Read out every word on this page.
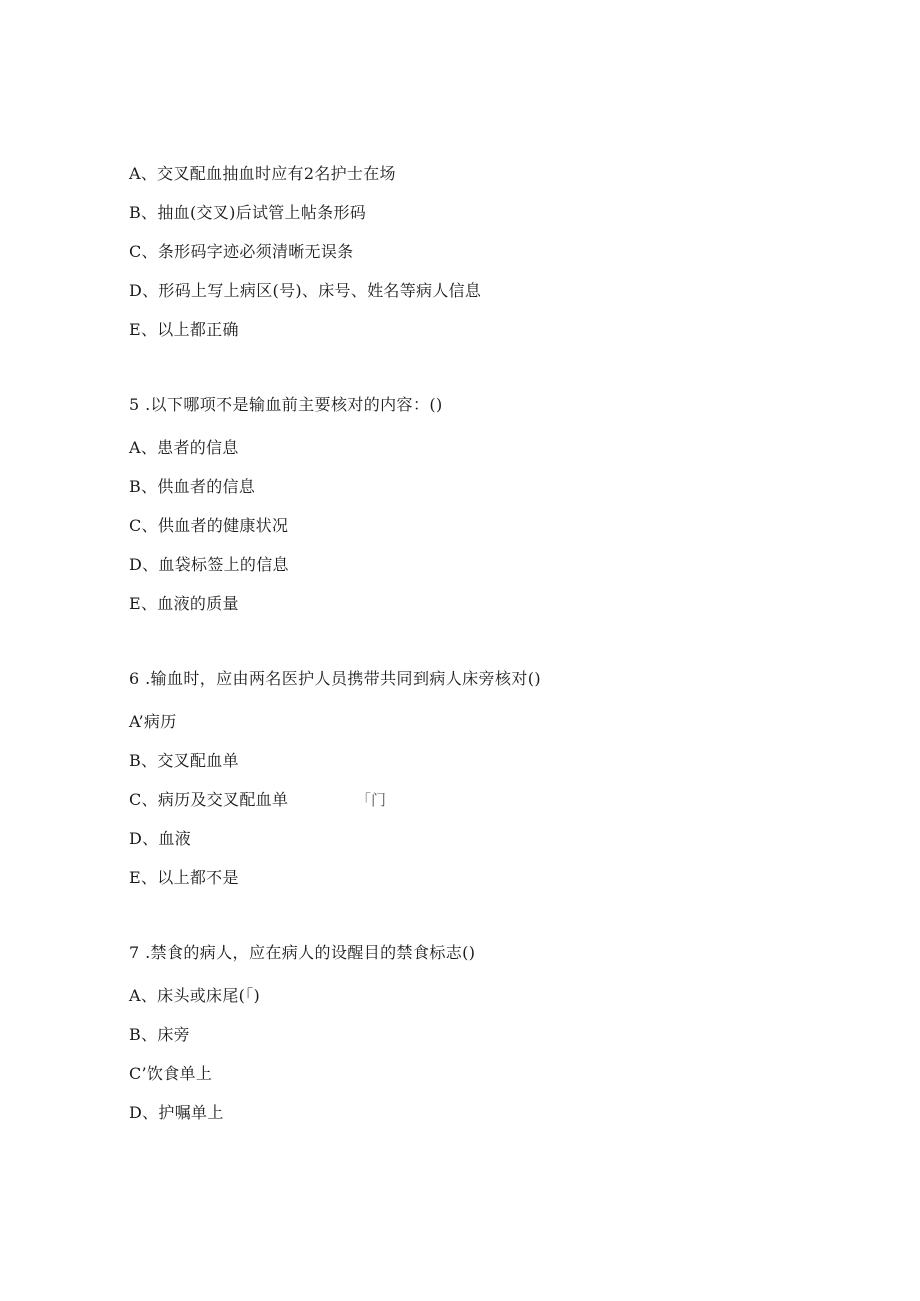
A、交叉配血抽血时应有2名护士在场
B、抽血(交叉)后试管上帖条形码
C、条形码字迹必须清晰无误条
D、形码上写上病区(号)、床号、姓名等病人信息
E、以上都正确
5 .以下哪项不是输血前主要核对的内容：()
A、患者的信息
B、供血者的信息
C、供血者的健康状况
D、血袋标签上的信息
E、血液的质量
6 .输血时，应由两名医护人员携带共同到病人床旁核对()
A’病历
B、交叉配血单
C、病历及交叉配血单	「门
D、血液
E、以上都不是
7 .禁食的病人，应在病人的设醒目的禁食标志()
A、床头或床尾(「)
B、床旁
C’饮食单上
D、护嘱单上
